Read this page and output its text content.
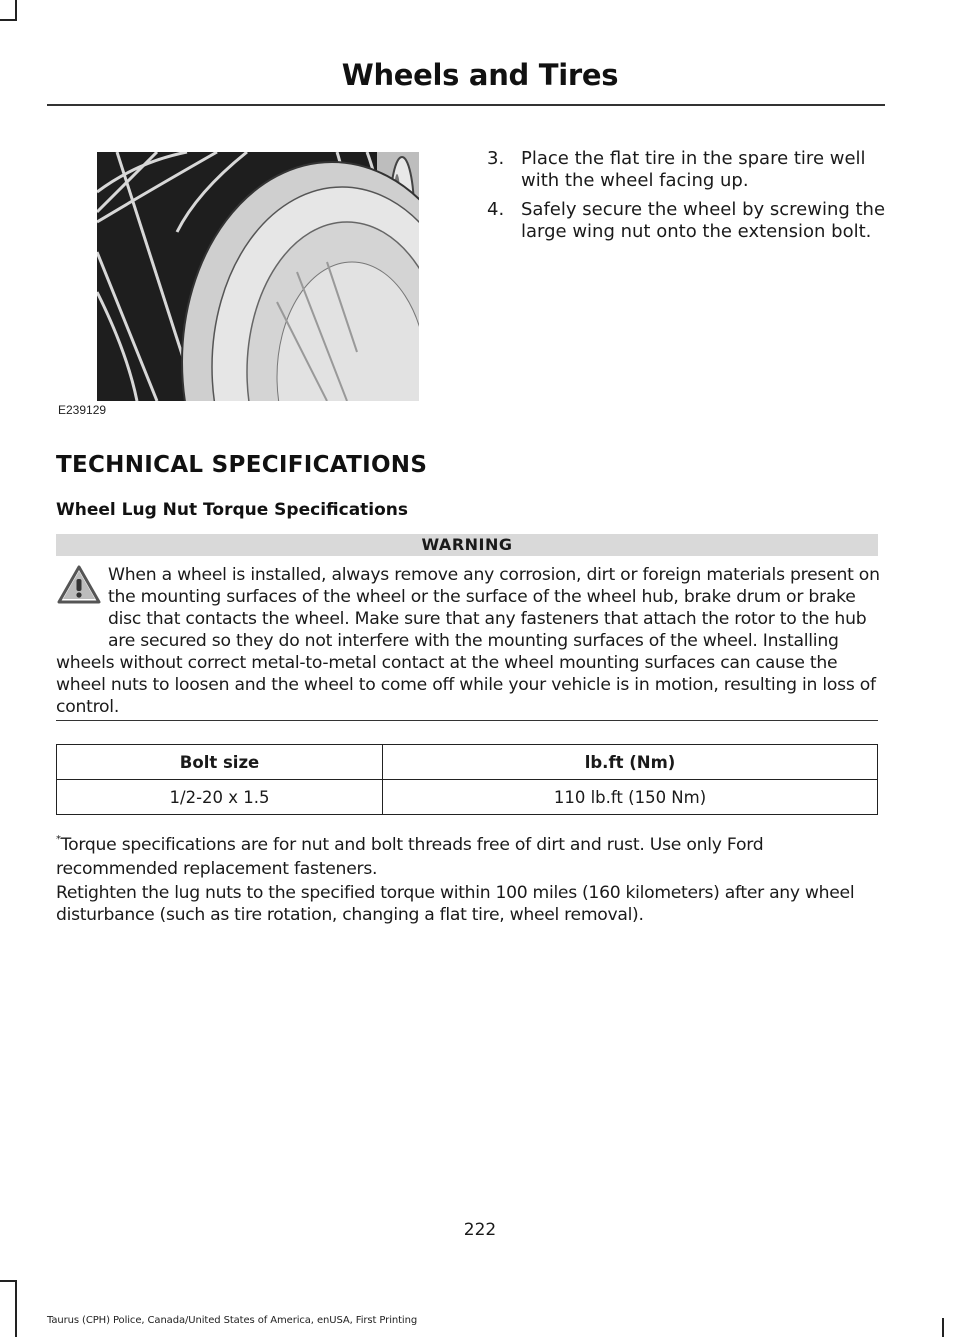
Wheels and Tires
E239129
3. Place the flat tire in the spare tire well with the wheel facing up.
4. Safely secure the wheel by screwing the large wing nut onto the extension bolt.
TECHNICAL SPECIFICATIONS
Wheel Lug Nut Torque Specifications
WARNING
When a wheel is installed, always remove any corrosion, dirt or foreign materials present on the mounting surfaces of the wheel or the surface of the wheel hub, brake drum or brake disc that contacts the wheel. Make sure that any fasteners that attach the rotor to the hub are secured so they do not interfere with the mounting surfaces of the wheel. Installing wheels without correct metal-to-metal contact at the wheel mounting surfaces can cause the wheel nuts to loosen and the wheel to come off while your vehicle is in motion, resulting in loss of control.
Bolt size	lb.ft (Nm)
1/2-20 x 1.5	110 lb.ft (150 Nm)
*Torque specifications are for nut and bolt threads free of dirt and rust. Use only Ford recommended replacement fasteners.
Retighten the lug nuts to the specified torque within 100 miles (160 kilometers) after any wheel disturbance (such as tire rotation, changing a flat tire, wheel removal).
222
Taurus (CPH) Police, Canada/United States of America, enUSA, First Printing
